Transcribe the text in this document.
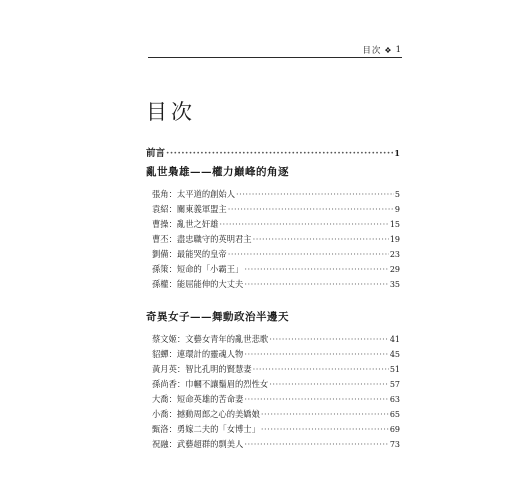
目次 ❖ 1
目次
前言 ·····	1
亂世梟雄——權力巔峰的角逐
張角 ： 太平道的創始人 ·····	5
袁紹 ： 關東義軍盟主 ·····	9
曹操 ： 亂世之奸雄 ·····	15
曹丕 ： 盡忠職守的英明君主 ·····	19
劉備 ： 最能哭的皇帝 ·····	23
孫策 ： 短命的「小霸王」 ·····	29
孫權 ： 能屈能伸的大丈夫 ·····	35
奇異女子——舞動政治半邊天
蔡文姬 ： 文藝女青年的亂世悲歌 ·····	41
貂蟬 ： 連環計的靈魂人物 ·····	45
黃月英 ： 智比孔明的賢慧妻 ·····	51
孫尚香 ： 巾幗不讓鬚眉的烈性女 ·····	57
大喬 ： 短命英雄的苦命妻 ·····	63
小喬 ： 撼動周郎之心的美嬌娘 ·····	65
甄洛 ： 勇嫁二夫的「女博士」 ·····	69
祝融 ： 武藝超群的剽美人 ·····	73
